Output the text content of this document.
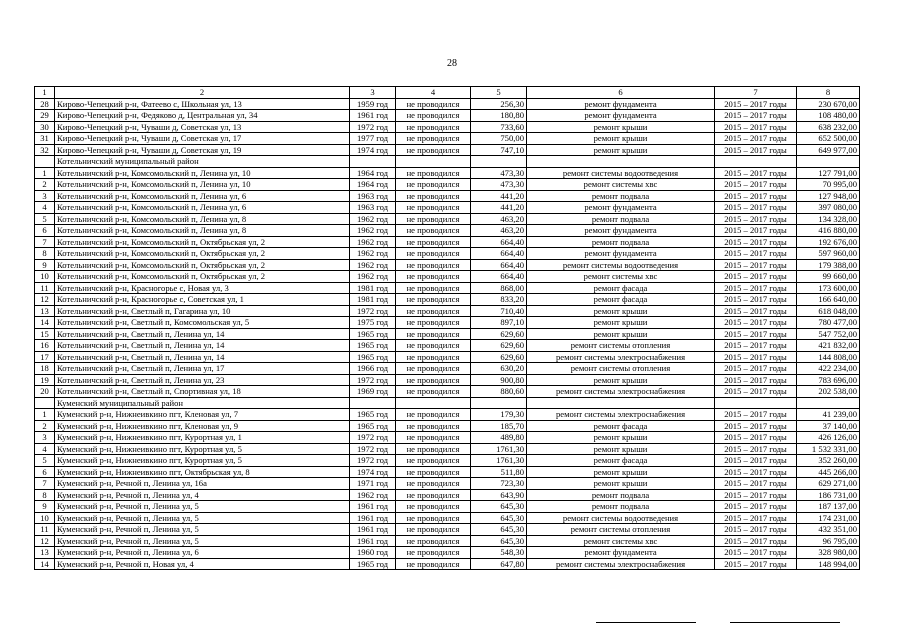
28
1	2	3	4	5	6	7	8
28	Кирово-Чепецкий р-н, Фатеево с, Школьная ул, 13	1959 год	не проводился	256,30	ремонт фундамента	2015 – 2017 годы	230 670,00
29	Кирово-Чепецкий р-н, Федяково д, Центральная ул, 34	1961 год	не проводился	180,80	ремонт фундамента	2015 – 2017 годы	108 480,00
30	Кирово-Чепецкий р-н, Чуваши д, Советская ул, 13	1972 год	не проводился	733,60	ремонт крыши	2015 – 2017 годы	638 232,00
31	Кирово-Чепецкий р-н, Чуваши д, Советская ул, 17	1977 год	не проводился	750,00	ремонт крыши	2015 – 2017 годы	652 500,00
32	Кирово-Чепецкий р-н, Чуваши д, Советская ул, 19	1974 год	не проводился	747,10	ремонт крыши	2015 – 2017 годы	649 977,00
	Котельничский муниципальный район						
1	Котельничский р-н, Комсомольский п, Ленина ул, 10	1964 год	не проводился	473,30	ремонт системы водоотведения	2015 – 2017 годы	127 791,00
2	Котельничский р-н, Комсомольский п, Ленина ул, 10	1964 год	не проводился	473,30	ремонт системы хвс	2015 – 2017 годы	70 995,00
3	Котельничский р-н, Комсомольский п, Ленина ул, 6	1963 год	не проводился	441,20	ремонт подвала	2015 – 2017 годы	127 948,00
4	Котельничский р-н, Комсомольский п, Ленина ул, 6	1963 год	не проводился	441,20	ремонт фундамента	2015 – 2017 годы	397 080,00
5	Котельничский р-н, Комсомольский п, Ленина ул, 8	1962 год	не проводился	463,20	ремонт подвала	2015 – 2017 годы	134 328,00
6	Котельничский р-н, Комсомольский п, Ленина ул, 8	1962 год	не проводился	463,20	ремонт фундамента	2015 – 2017 годы	416 880,00
7	Котельничский р-н, Комсомольский п, Октябрьская ул, 2	1962 год	не проводился	664,40	ремонт подвала	2015 – 2017 годы	192 676,00
8	Котельничский р-н, Комсомольский п, Октябрьская ул, 2	1962 год	не проводился	664,40	ремонт фундамента	2015 – 2017 годы	597 960,00
9	Котельничский р-н, Комсомольский п, Октябрьская ул, 2	1962 год	не проводился	664,40	ремонт системы водоотведения	2015 – 2017 годы	179 388,00
10	Котельничский р-н, Комсомольский п, Октябрьская ул, 2	1962 год	не проводился	664,40	ремонт системы хвс	2015 – 2017 годы	99 660,00
11	Котельничский р-н, Красногорье с, Новая ул, 3	1981 год	не проводился	868,00	ремонт фасада	2015 – 2017 годы	173 600,00
12	Котельничский р-н, Красногорье с, Советская ул, 1	1981 год	не проводился	833,20	ремонт фасада	2015 – 2017 годы	166 640,00
13	Котельничский р-н, Светлый п, Гагарина ул, 10	1972 год	не проводился	710,40	ремонт крыши	2015 – 2017 годы	618 048,00
14	Котельничский р-н, Светлый п, Комсомольская ул, 5	1975 год	не проводился	897,10	ремонт крыши	2015 – 2017 годы	780 477,00
15	Котельничский р-н, Светлый п, Ленина ул, 14	1965 год	не проводился	629,60	ремонт крыши	2015 – 2017 годы	547 752,00
16	Котельничский р-н, Светлый п, Ленина ул, 14	1965 год	не проводился	629,60	ремонт системы отопления	2015 – 2017 годы	421 832,00
17	Котельничский р-н, Светлый п, Ленина ул, 14	1965 год	не проводился	629,60	ремонт системы электроснабжения	2015 – 2017 годы	144 808,00
18	Котельничский р-н, Светлый п, Ленина ул, 17	1966 год	не проводился	630,20	ремонт системы отопления	2015 – 2017 годы	422 234,00
19	Котельничский р-н, Светлый п, Ленина ул, 23	1972 год	не проводился	900,80	ремонт крыши	2015 – 2017 годы	783 696,00
20	Котельничский р-н, Светлый п, Спортивная ул, 18	1969 год	не проводился	880,60	ремонт системы электроснабжения	2015 – 2017 годы	202 538,00
	Куменский муниципальный район						
1	Куменский р-н, Нижнеивкино пгт, Кленовая ул, 7	1965 год	не проводился	179,30	ремонт системы электроснабжения	2015 – 2017 годы	41 239,00
2	Куменский р-н, Нижнеивкино пгт, Кленовая ул, 9	1965 год	не проводился	185,70	ремонт фасада	2015 – 2017 годы	37 140,00
3	Куменский р-н, Нижнеивкино пгт, Курортная ул, 1	1972 год	не проводился	489,80	ремонт крыши	2015 – 2017 годы	426 126,00
4	Куменский р-н, Нижнеивкино пгт, Курортная ул, 5	1972 год	не проводился	1761,30	ремонт крыши	2015 – 2017 годы	1 532 331,00
5	Куменский р-н, Нижнеивкино пгт, Курортная ул, 5	1972 год	не проводился	1761,30	ремонт фасада	2015 – 2017 годы	352 260,00
6	Куменский р-н, Нижнеивкино пгт, Октябрьская ул, 8	1974 год	не проводился	511,80	ремонт крыши	2015 – 2017 годы	445 266,00
7	Куменский р-н, Речной п, Ленина ул, 16а	1971 год	не проводился	723,30	ремонт крыши	2015 – 2017 годы	629 271,00
8	Куменский р-н, Речной п, Ленина ул, 4	1962 год	не проводился	643,90	ремонт подвала	2015 – 2017 годы	186 731,00
9	Куменский р-н, Речной п, Ленина ул, 5	1961 год	не проводился	645,30	ремонт подвала	2015 – 2017 годы	187 137,00
10	Куменский р-н, Речной п, Ленина ул, 5	1961 год	не проводился	645,30	ремонт системы водоотведения	2015 – 2017 годы	174 231,00
11	Куменский р-н, Речной п, Ленина ул, 5	1961 год	не проводился	645,30	ремонт системы отопления	2015 – 2017 годы	432 351,00
12	Куменский р-н, Речной п, Ленина ул, 5	1961 год	не проводился	645,30	ремонт системы хвс	2015 – 2017 годы	96 795,00
13	Куменский р-н, Речной п, Ленина ул, 6	1960 год	не проводился	548,30	ремонт фундамента	2015 – 2017 годы	328 980,00
14	Куменский р-н, Речной п, Новая ул, 4	1965 год	не проводился	647,80	ремонт системы электроснабжения	2015 – 2017 годы	148 994,00
